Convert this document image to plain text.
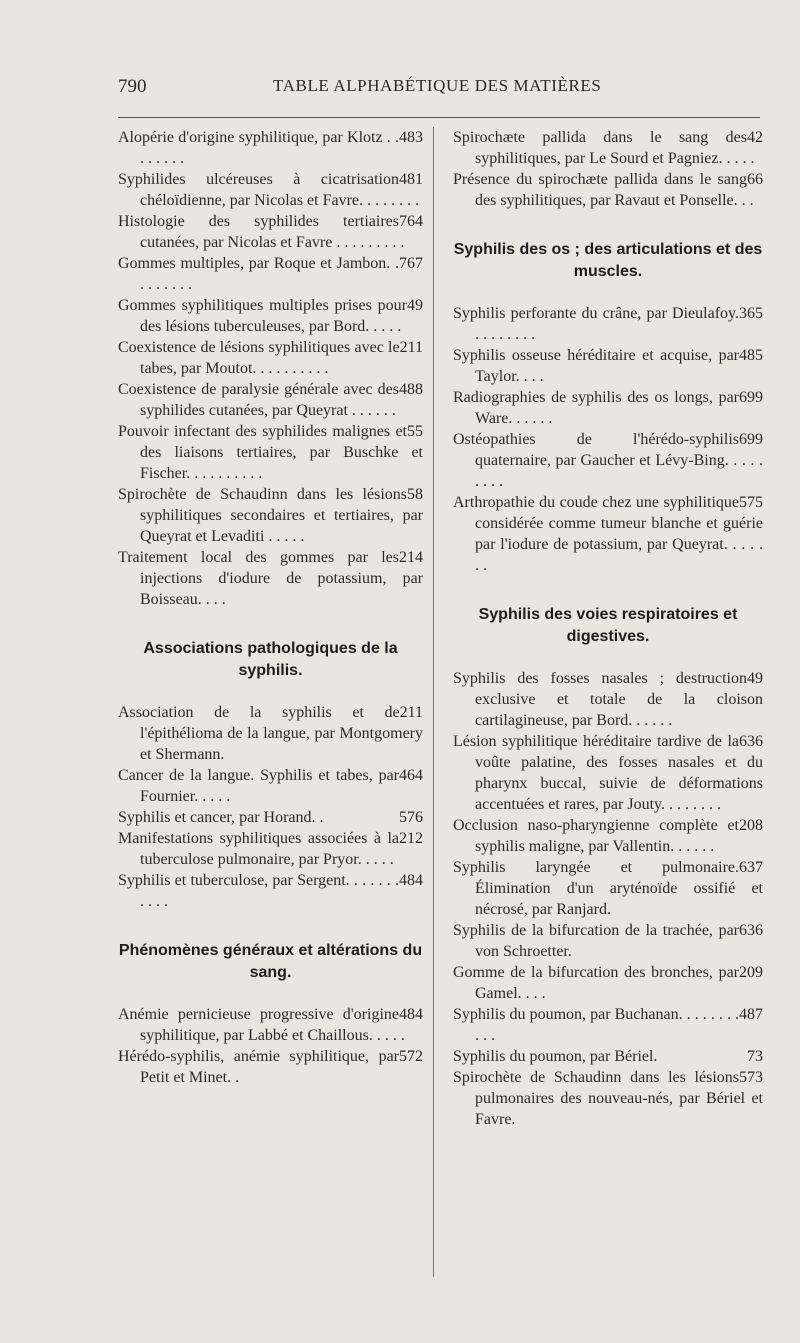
790	TABLE ALPHABÉTIQUE DES MATIÈRES

483
Alopérie d'origine syphilitique, par Klotz . . . . . . . .

481
Syphilides ulcéreuses à cicatrisation chéloïdienne, par Nicolas et Favre. . . . . . . .

764
Histologie des syphilides tertiaires cutanées, par Nicolas et Favre . . . . . . . . .

767
Gommes multiples, par Roque et Jambon. . . . . . . . .

49
Gommes syphilitiques multiples prises pour des lésions tuberculeuses, par Bord. . . . .

211
Coexistence de lésions syphilitiques avec le tabes, par Moutot. . . . . . . . . .

488
Coexistence de paralysie générale avec des syphilides cutanées, par Queyrat . . . . . .

55
Pouvoir infectant des syphilides malignes et des liaisons tertiaires, par Buschke et Fischer. . . . . . . . . .

58
Spirochète de Schaudinn dans les lésions syphilitiques secondaires et tertiaires, par Queyrat et Levaditi . . . . .

214
Traitement local des gommes par les injections d'iodure de potassium, par Boisseau. . . .

Associations pathologiques de la syphilis.

211
Association de la syphilis et de l'épithélioma de la langue, par Montgomery et Shermann.

464
Cancer de la langue. Syphilis et tabes, par Fournier. . . . .

576
Syphilis et cancer, par Horand. .

212
Manifestations syphilitiques associées à la tuberculose pulmonaire, par Pryor. . . . .

484
Syphilis et tuberculose, par Sergent. . . . . . . . . . .

Phénomènes généraux et altérations du sang.

484
Anémie pernicieuse progressive d'origine syphilitique, par Labbé et Chaillous. . . . .

572
Hérédo-syphilis, anémie syphilitique, par Petit et Minet. .

42
Spirochæte pallida dans le sang des syphilitiques, par Le Sourd et Pagniez. . . . .

66
Présence du spirochæte pallida dans le sang des syphilitiques, par Ravaut et Ponselle. . .

Syphilis des os ; des articulations et des muscles.

365
Syphilis perforante du crâne, par Dieulafoy. . . . . . . . .

485
Syphilis osseuse héréditaire et acquise, par Taylor. . . .

699
Radiographies de syphilis des os longs, par Ware. . . . . .

699
Ostéopathies de l'hérédo-syphilis quaternaire, par Gaucher et Lévy-Bing. . . . . . . . .

575
Arthropathie du coude chez une syphilitique considérée comme tumeur blanche et guérie par l'iodure de potassium, par Queyrat. . . . . . .

Syphilis des voies respiratoires et digestives.

49
Syphilis des fosses nasales ; destruction exclusive et totale de la cloison cartilagineuse, par Bord. . . . . .

636
Lésion syphilitique héréditaire tardive de la voûte palatine, des fosses nasales et du pharynx buccal, suivie de déformations accentuées et rares, par Jouty. . . . . . . .

208
Occlusion naso-pharyngienne complète et syphilis maligne, par Vallentin. . . . . .

637
Syphilis laryngée et pulmonaire. Élimination d'un aryténoïde ossifié et nécrosé, par Ranjard.

636
Syphilis de la bifurcation de la trachée, par von Schroetter.

209
Gomme de la bifurcation des bronches, par Gamel. . . .

487
Syphilis du poumon, par Buchanan. . . . . . . . . . .

73
Syphilis du poumon, par Bériel.

573
Spirochète de Schaudinn dans les lésions pulmonaires des nouveau-nés, par Bériel et Favre.
